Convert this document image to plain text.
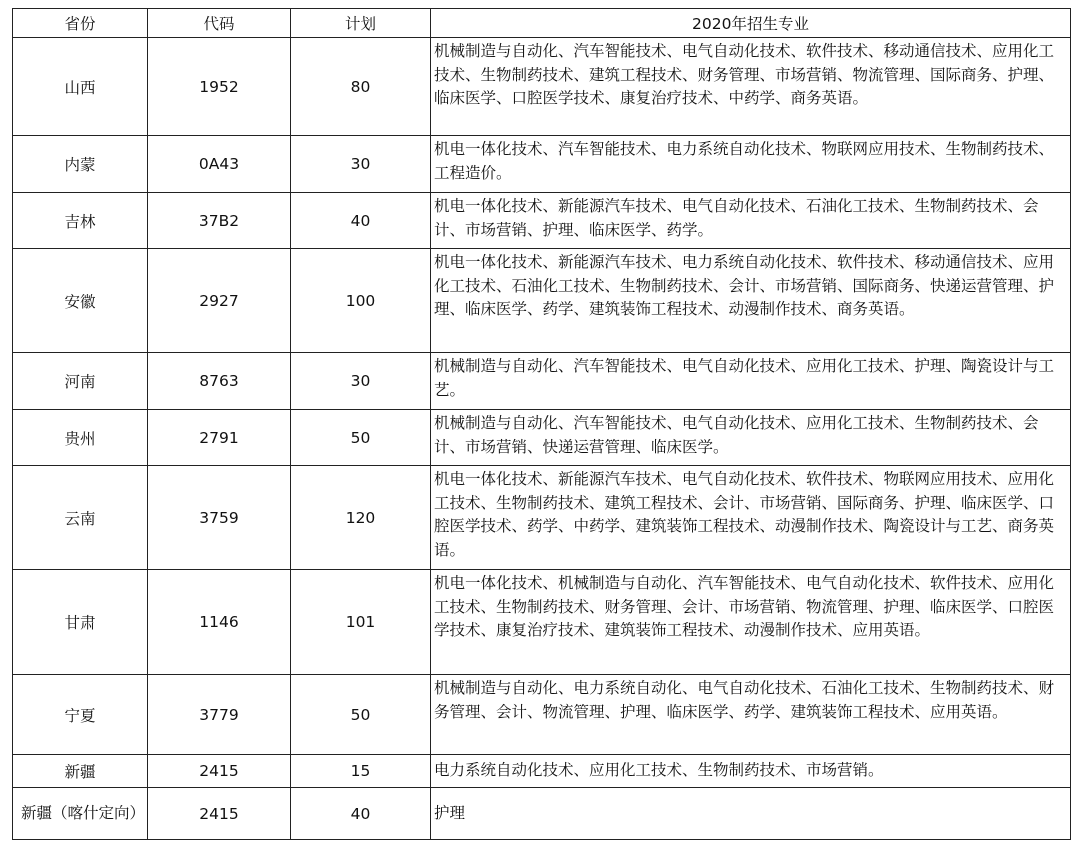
省份	代码	计划	2020年招生专业
山西	1952	80	机械制造与自动化、汽车智能技术、电气自动化技术、软件技术、移动通信技术、应用化工技术、生物制药技术、建筑工程技术、财务管理、市场营销、物流管理、国际商务、护理、临床医学、口腔医学技术、康复治疗技术、中药学、商务英语。
内蒙	0A43	30	机电一体化技术、汽车智能技术、电力系统自动化技术、物联网应用技术、生物制药技术、工程造价。
吉林	37B2	40	机电一体化技术、新能源汽车技术、电气自动化技术、石油化工技术、生物制药技术、会计、市场营销、护理、临床医学、药学。
安徽	2927	100	机电一体化技术、新能源汽车技术、电力系统自动化技术、软件技术、移动通信技术、应用化工技术、石油化工技术、生物制药技术、会计、市场营销、国际商务、快递运营管理、护理、临床医学、药学、建筑装饰工程技术、动漫制作技术、商务英语。
河南	8763	30	机械制造与自动化、汽车智能技术、电气自动化技术、应用化工技术、护理、陶瓷设计与工艺。
贵州	2791	50	机械制造与自动化、汽车智能技术、电气自动化技术、应用化工技术、生物制药技术、会计、市场营销、快递运营管理、临床医学。
云南	3759	120	机电一体化技术、新能源汽车技术、电气自动化技术、软件技术、物联网应用技术、应用化工技术、生物制药技术、建筑工程技术、会计、市场营销、国际商务、护理、临床医学、口腔医学技术、药学、中药学、建筑装饰工程技术、动漫制作技术、陶瓷设计与工艺、商务英语。
甘肃	1146	101	机电一体化技术、机械制造与自动化、汽车智能技术、电气自动化技术、软件技术、应用化工技术、生物制药技术、财务管理、会计、市场营销、物流管理、护理、临床医学、口腔医学技术、康复治疗技术、建筑装饰工程技术、动漫制作技术、应用英语。
宁夏	3779	50	机械制造与自动化、电力系统自动化、电气自动化技术、石油化工技术、生物制药技术、财务管理、会计、物流管理、护理、临床医学、药学、建筑装饰工程技术、应用英语。
新疆	2415	15	电力系统自动化技术、应用化工技术、生物制药技术、市场营销。
新疆（喀什定向）	2415	40	护理
